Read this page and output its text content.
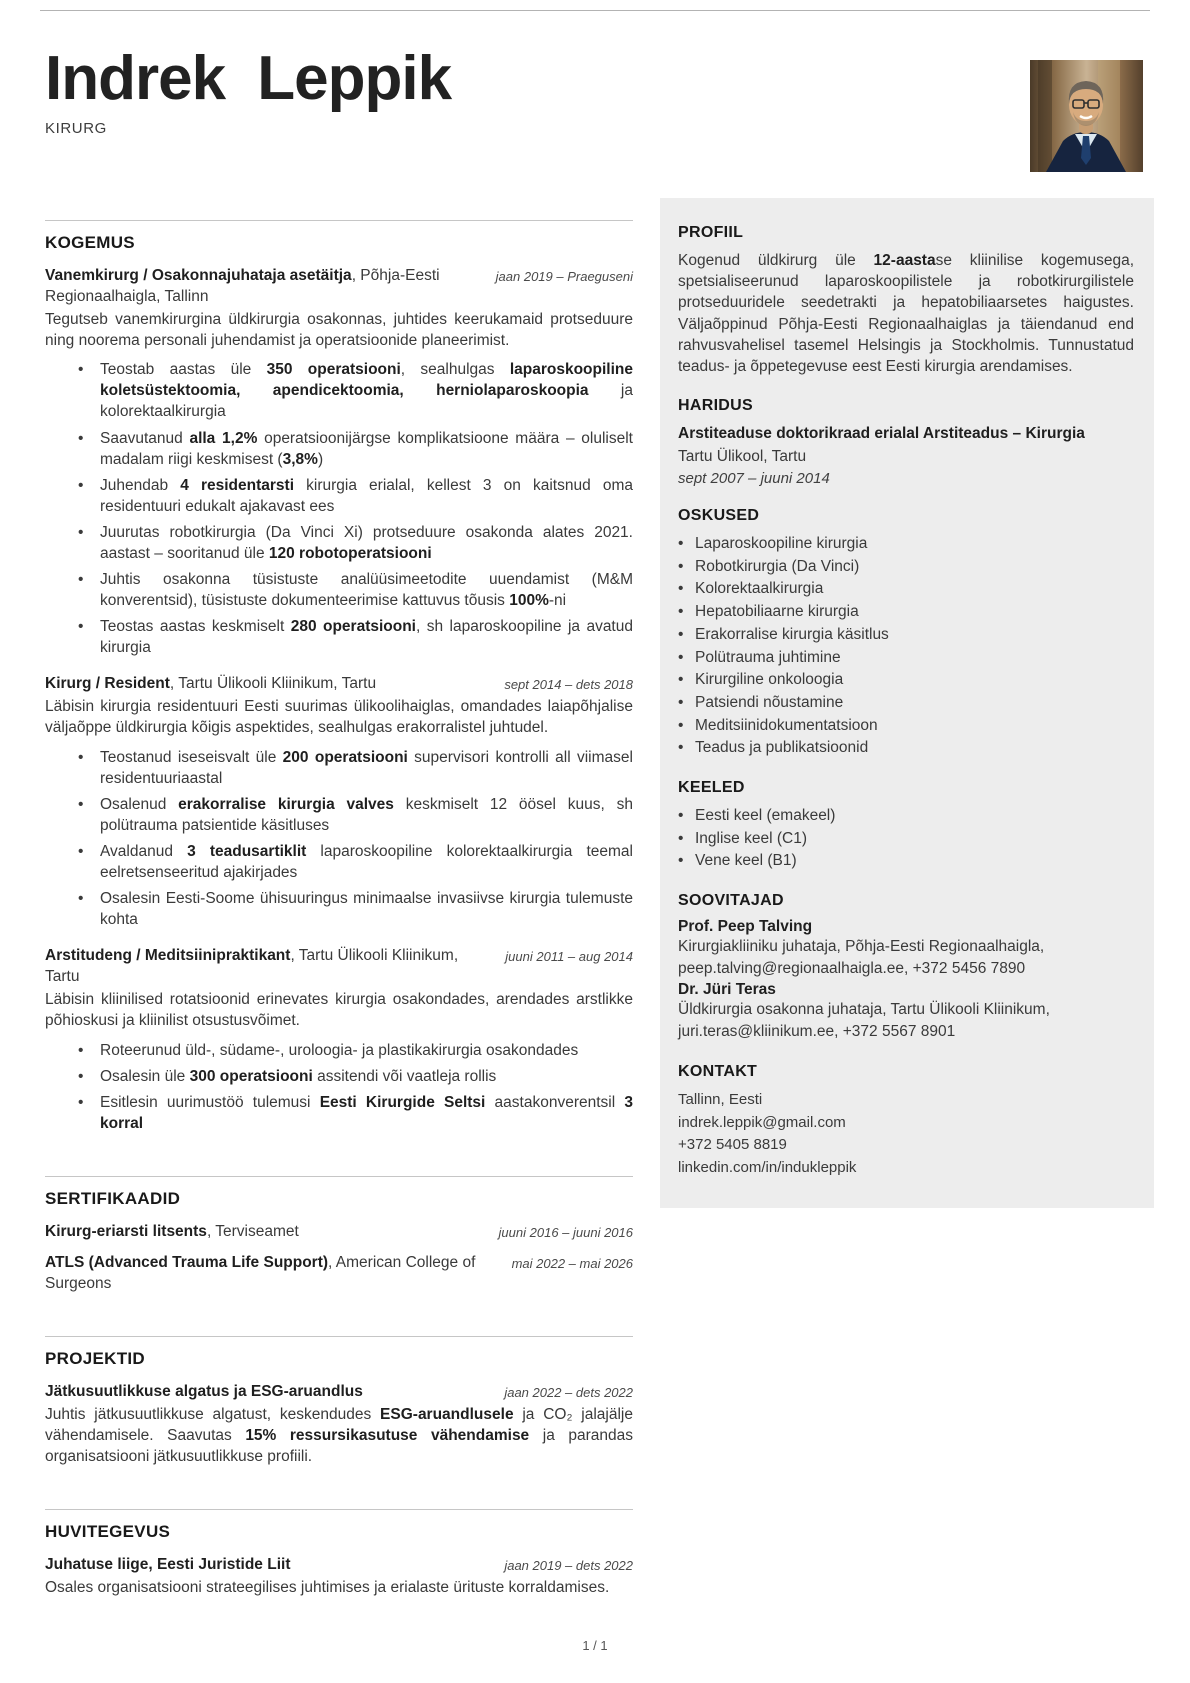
Indrek Leppik
KIRURG
KOGEMUS
Vanemkirurg / Osakonnajuhataja asetäitja, Põhja-Eesti Regionaalhaigla, Tallinn
jaan 2019 – Praeguseni

Tegutseb vanemkirurgina üldkirurgia osakonnas, juhtides keerukamaid protseduure ning noorema personali juhendamist ja operatsioonide planeerimist.

• Teostab aastas üle 350 operatsiooni, sealhulgas laparoskoopiline koletsüstektoomia, apendicektoomia, herniolaparoskoopia ja kolorektaalkirurgia
• Saavutanud alla 1,2% operatsioonijärgse komplikatsioone määra – oluliselt madalam riigi keskmisest (3,8%)
• Juhendab 4 residentarsti kirurgia erialal, kellest 3 on kaitsnud oma residentuuri edukalt ajakavast ees
• Juurutas robotkirurgia (Da Vinci Xi) protseduure osakonda alates 2021. aastast – sooritanud üle 120 robotoperatsiooni
• Juhtis osakonna tüsistuste analüüsimeetodite uuendamist (M&M konverentsid), tüsistuste dokumenteerimise kattuvus tõusis 100%-ni
• Teostas aastas keskmiselt 280 operatsiooni, sh laparoskoopiline ja avatud kirurgia
Kirurg / Resident, Tartu Ülikooli Kliinikum, Tartu	sept 2014 – dets 2018

Läbisin kirurgia residentuuri Eesti suurimas ülikoolihaiglas, omandades laiapõhjalise väljaõppe üldkirurgia kõigis aspektides, sealhulgas erakorralistel juhtudel.

• Teostanud iseseisvalt üle 200 operatsiooni supervisori kontrolli all viimasel residentuuriaastal
• Osalenud erakorralise kirurgia valves keskmiselt 12 öösel kuus, sh polütrauma patsientide käsitluses
• Avaldanud 3 teadusartiklit laparoskoopiline kolorektaalkirurgia teemal eelretsenseeritud ajakirjades
• Osalesin Eesti-Soome ühisuuringus minimaalse invasiivse kirurgia tulemuste kohta
Arstitudeng / Meditsiinipraktikant, Tartu Ülikooli Kliinikum, Tartu
juuni 2011 – aug 2014

Läbisin kliinilised rotatsioonid erinevates kirurgia osakondades, arendades arstlikke põhioskusi ja kliinilist otsustusvõimet.

• Roteerunud üld-, südame-, uroloogia- ja plastikakirurgia osakondades
• Osalesin üle 300 operatsiooni assitendi või vaatleja rollis
• Esitlesin uurimustöö tulemusi Eesti Kirurgide Seltsi aastakonverentsil 3 korral
SERTIFIKAADID
Kirurg-eriarsti litsents, Terviseamet	juuni 2016 – juuni 2016
ATLS (Advanced Trauma Life Support), American College of Surgeons
mai 2022 – mai 2026
PROJEKTID
Jätkusuutlikkuse algatus ja ESG-aruandlus	jaan 2022 – dets 2022

Juhtis jätkusuutlikkuse algatust, keskendudes ESG-aruandlusele ja CO₂ jalajälje vähendamisele. Saavutas 15% ressursikasutuse vähendamise ja parandas organisatsiooni jätkusuutlikkuse profiili.

HUVITEGEVUS
Juhatuse liige, Eesti Juristide Liit	jaan 2019 – dets 2022

Osales organisatsiooni strateegilises juhtimises ja erialaste ürituste korraldamises.

PROFIIL
Kogenud üldkirurg üle 12-aastase kliinilise kogemusega, spetsialiseerunud laparoskoopilistele ja robotkirurgilistele protseduuridele seedetrakti ja hepatobiliaarsetes haigustes. Väljaõppinud Põhja-Eesti Regionaalhaiglas ja täiendanud end rahvusvahelisel tasemel Helsingis ja Stockholmis. Tunnustatud teadus- ja õppetegevuse eest Eesti kirurgia arendamises.
HARIDUS
Arstiteaduse doktorikraad erialal Arstiteadus – Kirurgia
Tartu Ülikool, Tartu
sept 2007 – juuni 2014
OSKUSED
• Laparoskoopiline kirurgia
• Robotkirurgia (Da Vinci)
• Kolorektaalkirurgia
• Hepatobiliaarne kirurgia
• Erakorralise kirurgia käsitlus
• Polütrauma juhtimine
• Kirurgiline onkoloogia
• Patsiendi nõustamine
• Meditsiinidokumentatsioon
• Teadus ja publikatsioonid
KEELED
• Eesti keel (emakeel)
• Inglise keel (C1)
• Vene keel (B1)
SOOVITAJAD
Prof. Peep Talving
Kirurgiakliiniku juhataja, Põhja-Eesti Regionaalhaigla, peep.talving@regionaalhaigla.ee, +372 5456 7890
Dr. Jüri Teras
Üldkirurgia osakonna juhataja, Tartu Ülikooli Kliinikum, juri.teras@kliinikum.ee, +372 5567 8901
KONTAKT
Tallinn, Eesti
indrek.leppik@gmail.com
+372 5405 8819
linkedin.com/in/indukleppik
1 / 1
